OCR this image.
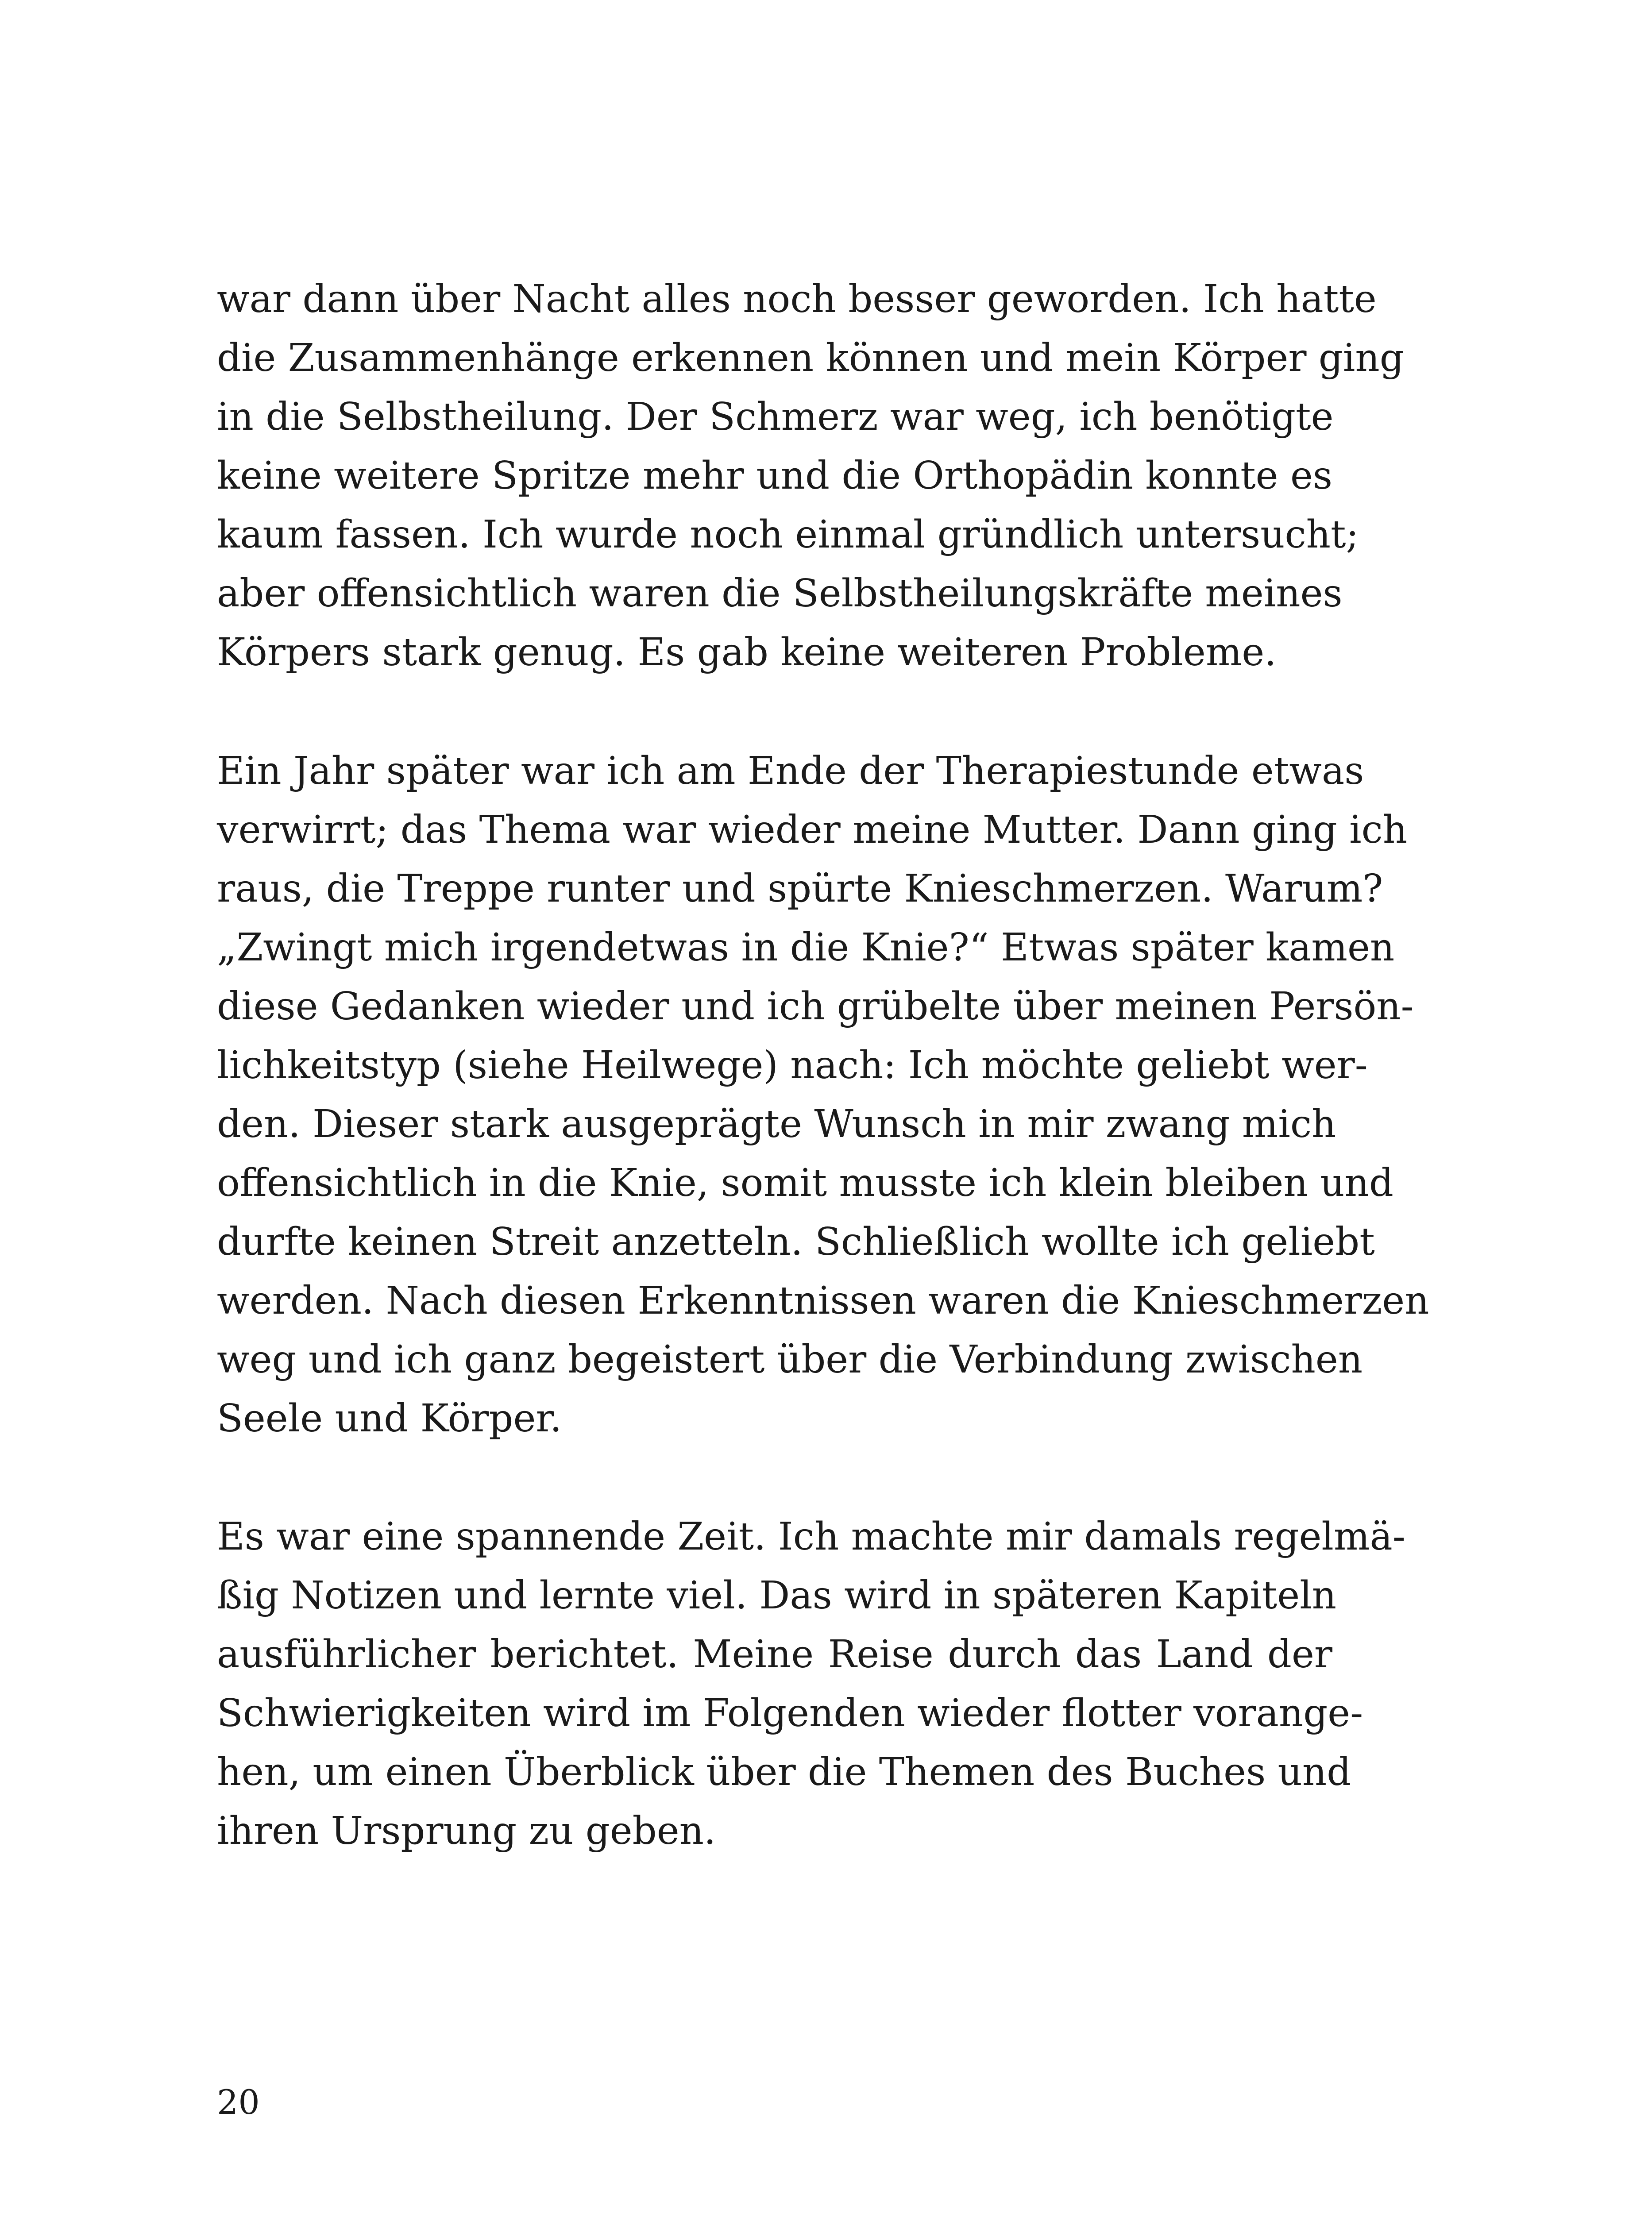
war dann über Nacht alles noch besser geworden. Ich hatte
die Zusammenhänge erkennen können und mein Körper ging
in die Selbstheilung. Der Schmerz war weg, ich benötigte
keine weitere Spritze mehr und die Orthopädin konnte es
kaum fassen. Ich wurde noch einmal gründlich untersucht;
aber offensichtlich waren die Selbstheilungskräfte meines
Körpers stark genug. Es gab keine weiteren Probleme.
Ein Jahr später war ich am Ende der Therapiestunde etwas
verwirrt; das Thema war wieder meine Mutter. Dann ging ich
raus, die Treppe runter und spürte Knieschmerzen. Warum?
„Zwingt mich irgendetwas in die Knie?“ Etwas später kamen
diese Gedanken wieder und ich grübelte über meinen Persön-
lichkeitstyp (siehe Heilwege) nach: Ich möchte geliebt wer-
den. Dieser stark ausgeprägte Wunsch in mir zwang mich
offensichtlich in die Knie, somit musste ich klein bleiben und
durfte keinen Streit anzetteln. Schließlich wollte ich geliebt
werden. Nach diesen Erkenntnissen waren die Knieschmerzen
weg und ich ganz begeistert über die Verbindung zwischen
Seele und Körper.
Es war eine spannende Zeit. Ich machte mir damals regelmä-
ßig Notizen und lernte viel. Das wird in späteren Kapiteln
ausführlicher berichtet. Meine Reise durch das Land der
Schwierigkeiten wird im Folgenden wieder flotter vorange-
hen, um einen Überblick über die Themen des Buches und
ihren Ursprung zu geben.
20
